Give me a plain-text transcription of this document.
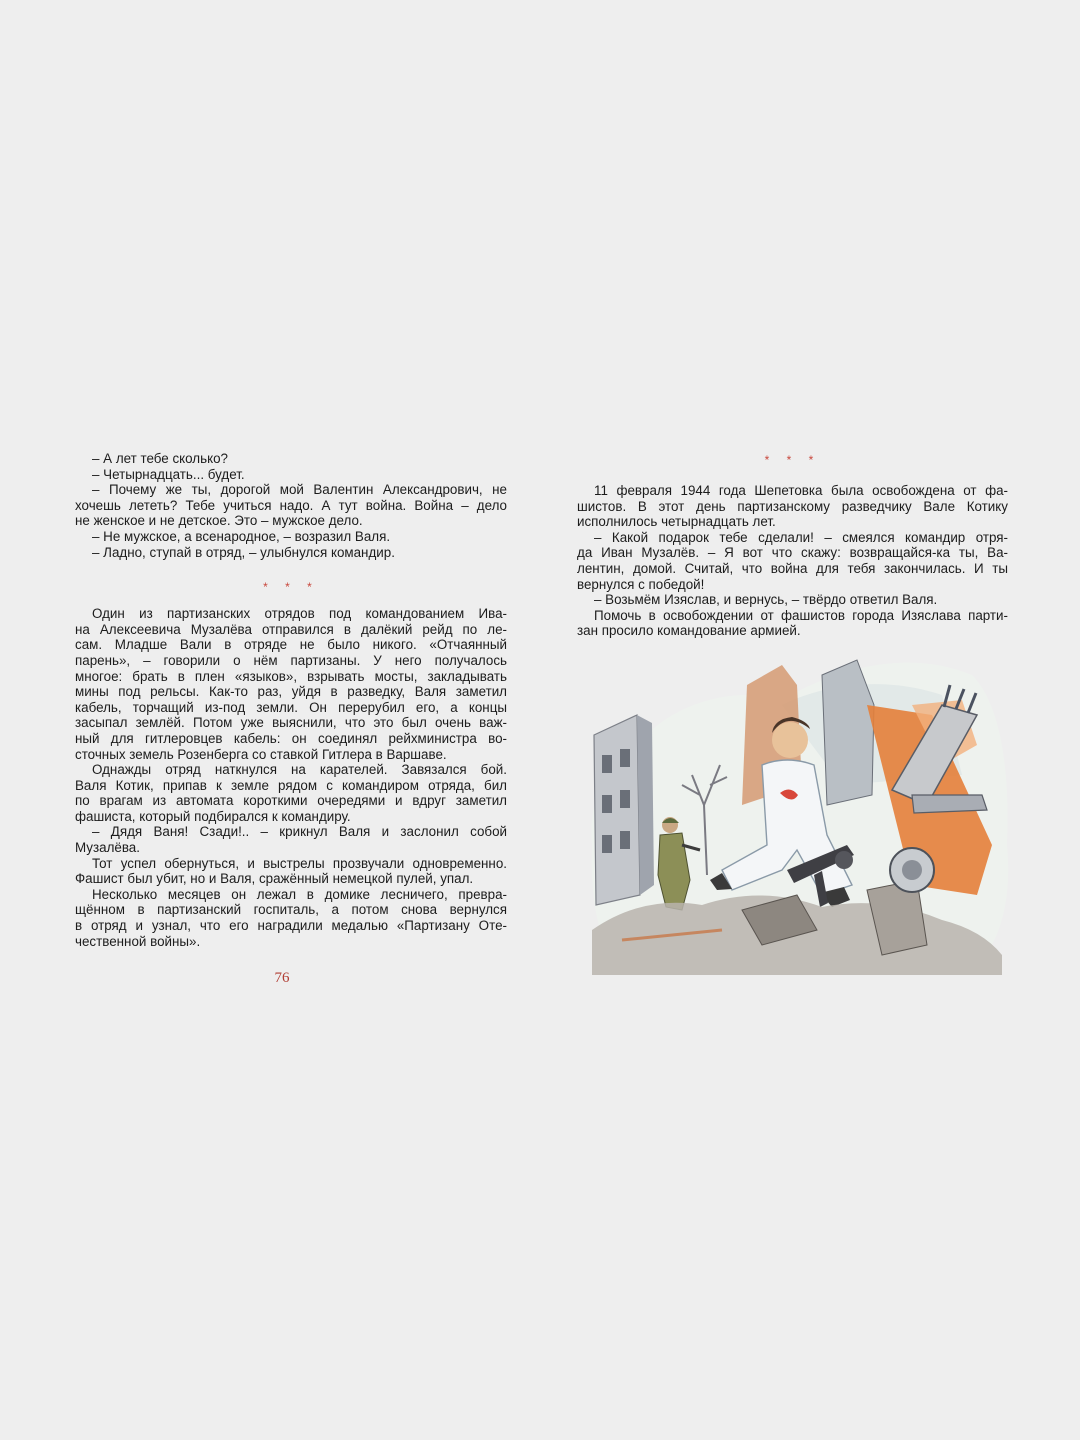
– А лет тебе сколько?
– Четырнадцать... будет.
– Почему же ты, дорогой мой Валентин Александрович, не
хочешь лететь? Тебе учиться надо. А тут война. Война – дело
не женское и не детское. Это – мужское дело.
– Не мужское, а всенародное, – возразил Валя.
– Ладно, ступай в отряд, – улыбнулся командир.
Один из партизанских отрядов под командованием Ива-
на Алексеевича Музалёва отправился в далёкий рейд по ле-
сам. Младше Вали в отряде не было никого. «Отчаянный
парень», – говорили о нём партизаны. У него получалось
многое: брать в плен «языков», взрывать мосты, закладывать
мины под рельсы. Как-то раз, уйдя в разведку, Валя заметил
кабель, торчащий из-под земли. Он перерубил его, а концы
засыпал землёй. Потом уже выяснили, что это был очень важ-
ный для гитлеровцев кабель: он соединял рейхминистра во-
сточных земель Розенберга со ставкой Гитлера в Варшаве.
Однажды отряд наткнулся на карателей. Завязался бой.
Валя Котик, припав к земле рядом с командиром отряда, бил
по врагам из автомата короткими очередями и вдруг заметил
фашиста, который подбирался к командиру.
– Дядя Ваня! Сзади!.. – крикнул Валя и заслонил собой
Музалёва.
Тот успел обернуться, и выстрелы прозвучали одновременно.
Фашист был убит, но и Валя, сражённый немецкой пулей, упал.
Несколько месяцев он лежал в домике лесничего, превра-
щённом в партизанский госпиталь, а потом снова вернулся
в отряд и узнал, что его наградили медалью «Партизану Оте-
чественной войны».
* * *
* * *
11 февраля 1944 года Шепетовка была освобождена от фа-
шистов. В этот день партизанскому разведчику Вале Котику
исполнилось четырнадцать лет.
– Какой подарок тебе сделали! – смеялся командир отря-
да Иван Музалёв. – Я вот что скажу: возвращайся-ка ты, Ва-
лентин, домой. Считай, что война для тебя закончилась. И ты
вернулся с победой!
– Возьмём Изяслав, и вернусь, – твёрдо ответил Валя.
Помочь в освобождении от фашистов города Изяслава парти-
зан просило командование армией.
76
